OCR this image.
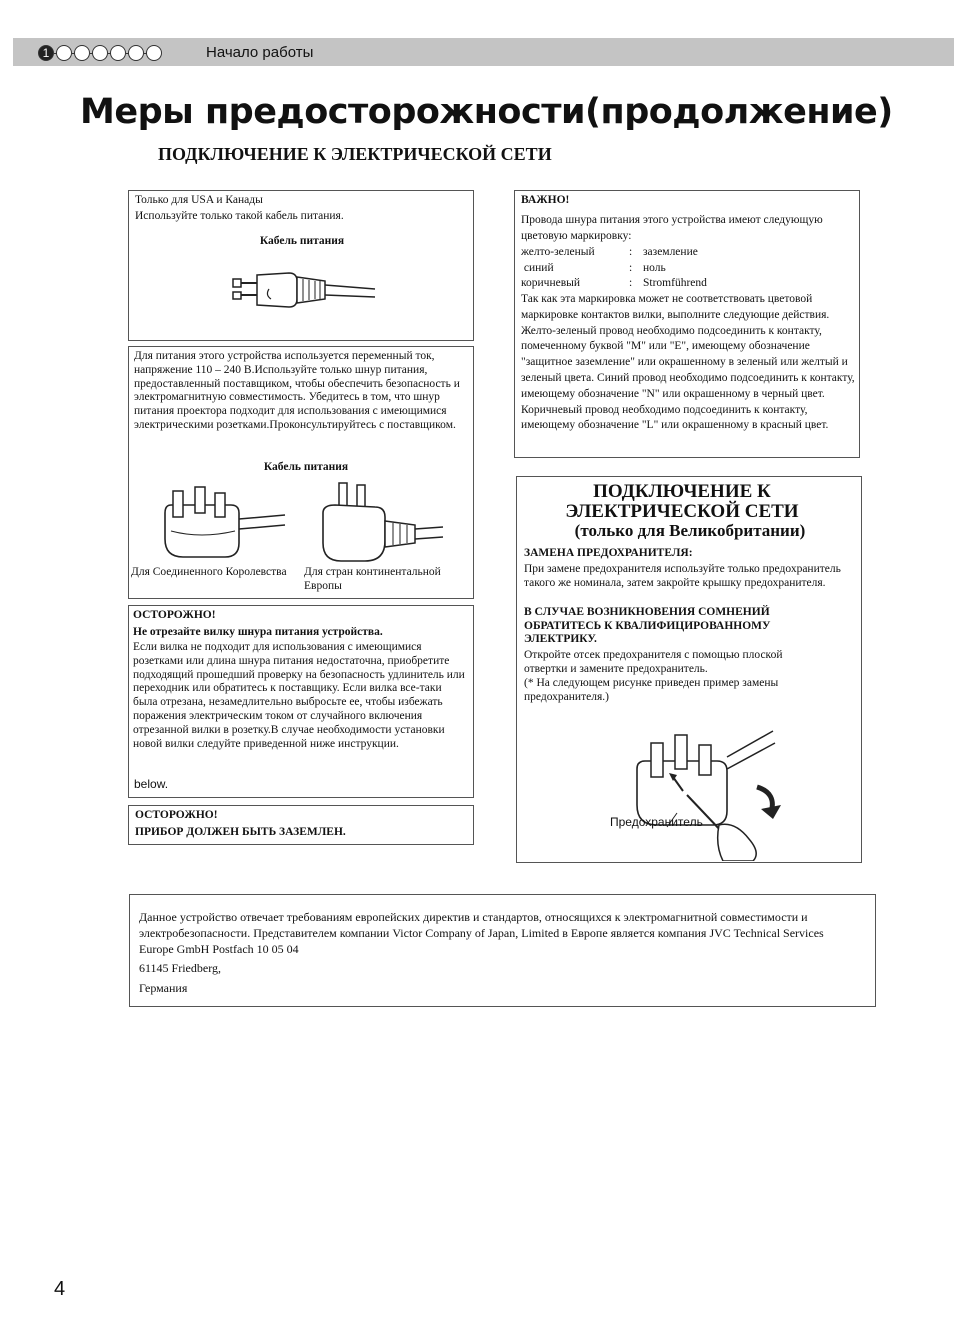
1	Начало работы
Меры предосторожности(продолжение)
ПОДКЛЮЧЕНИЕ К ЭЛЕКТРИЧЕСКОЙ СЕТИ
Только для USA и Канады
Используйте только такой кабель питания.
Кабель питания
Для питания этого устройства используется переменный ток, напряжение 110 – 240 В.Используйте только шнур питания, предоставленный поставщиком, чтобы обеспечить безопасность и электромагнитную совместимость. Убедитесь в том, что шнур питания проектора подходит для использования с имеющимися электрическими розетками.Проконсультируйтесь с поставщиком.
Кабель питания
Для Соединенного Королевства	Для стран континентальной Европы
ОСТОРОЖНО!
Не отрезайте вилку шнура питания устройства.
Если вилка не подходит для использования с имеющимися розетками или длина шнура питания недостаточна, приобретите подходящий прошедший проверку на безопасность удлинитель или переходник или обратитесь к поставщику. Если вилка все-таки была отрезана, незамедлительно выбросьте ее, чтобы избежать поражения электрическим током от случайного включения отрезанной вилки в розетку.В случае необходимости установки новой вилки следуйте приведенной ниже инструкции.
below.
ОСТОРОЖНО!
ПРИБОР ДОЛЖЕН БЫТЬ ЗАЗЕМЛЕН.
ВАЖНО!
Провода шнура питания этого устройства имеют следующую цветовую маркировку:
желто-зеленый	: заземление
синий	: ноль
коричневый	: Stromführend
Так как эта маркировка может не соответствовать цветовой маркировке контактов вилки, выполните следующие действия. Желто-зеленый провод необходимо подсоединить к контакту, помеченному буквой "M" или "E", имеющему обозначение "защитное заземление" или окрашенному в зеленый или желтый и зеленый цвета. Синий провод необходимо подсоединить к контакту, имеющему обозначение "N" или окрашенному в черный цвет. Коричневый провод необходимо подсоединить к контакту, имеющему обозначение "L" или окрашенному в красный цвет.
ПОДКЛЮЧЕНИЕ К
ЭЛЕКТРИЧЕСКОЙ СЕТИ
(только для Великобритании)
ЗАМЕНА ПРЕДОХРАНИТЕЛЯ:
При замене предохранителя используйте только предохранитель такого же номинала, затем закройте крышку предохранителя.
В СЛУЧАЕ ВОЗНИКНОВЕНИЯ СОМНЕНИЙ ОБРАТИТЕСЬ К КВАЛИФИЦИРОВАННОМУ ЭЛЕКТРИКУ.
Откройте отсек предохранителя с помощью плоской отвертки и замените предохранитель.
(* На следующем рисунке приведен пример замены предохранителя.)
Предохранитель
Данное устройство отвечает требованиям европейских директив и стандартов, относящихся к электромагнитной совместимости и электробезопасности. Представителем компании Victor Company of Japan, Limited в Европе является компания JVC Technical Services Europe GmbH Postfach 10 05 04
61145 Friedberg,
Германия
4
